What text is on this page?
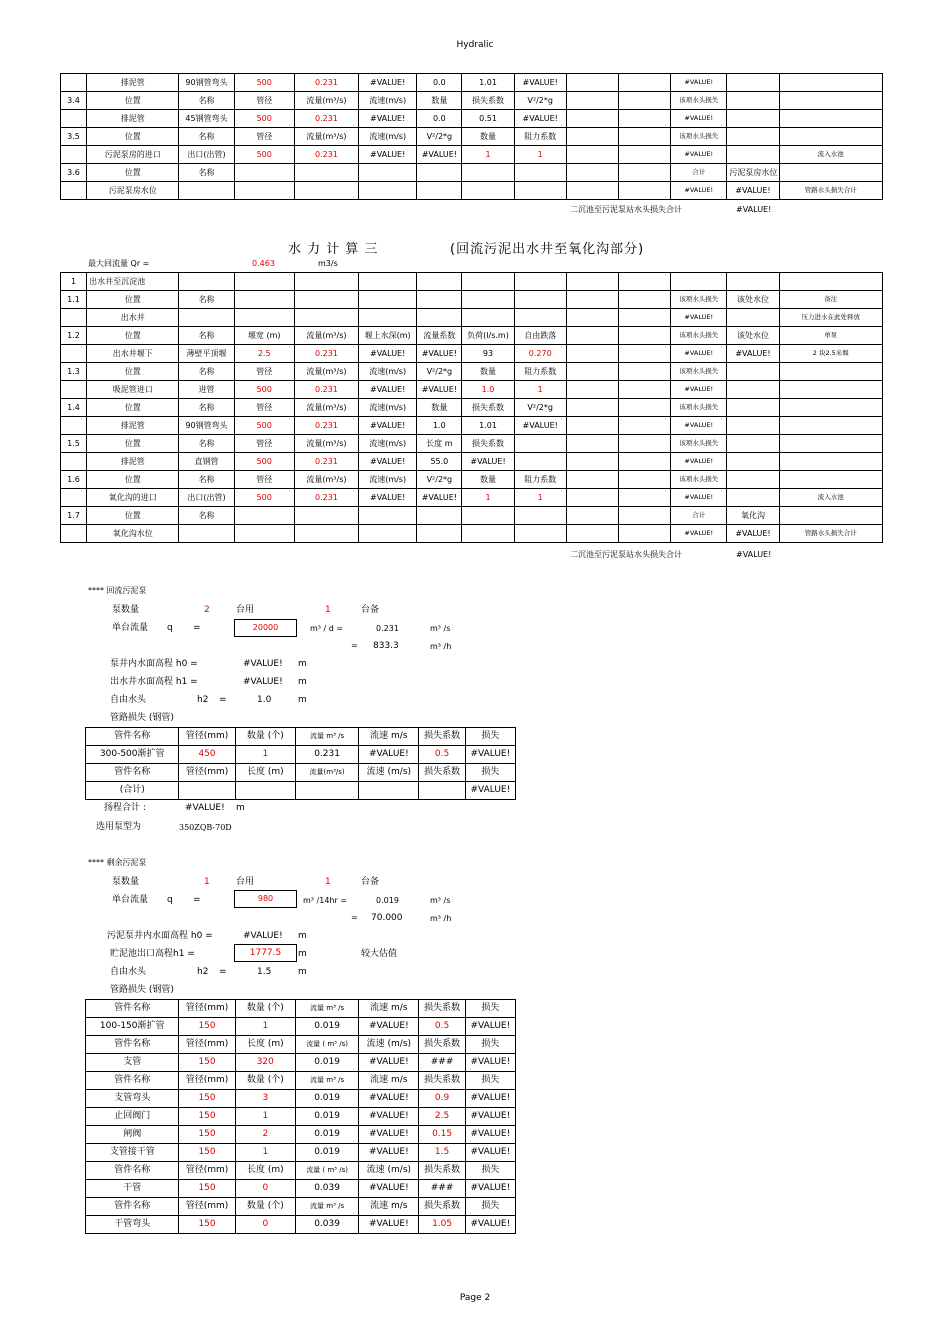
Hydralic
	排泥管	90钢管弯头	500	0.231	#VALUE!	0.0	1.01	#VALUE!			#VALUE!		
3.4	位置	名称	管径	流量(m³/s)	流速(m/s)	数量	损失系数	V²/2*g			该项水头损失		
	排泥管	45钢管弯头	500	0.231	#VALUE!	0.0	0.51	#VALUE!			#VALUE!		
3.5	位置	名称	管径	流量(m³/s)	流速(m/s)	V²/2*g	数量	阻力系数			该项水头损失		
	污泥泵房的进口	出口(出管)	500	0.231	#VALUE!	#VALUE!	1	1			#VALUE!		流入水池
3.6	位置	名称									合计	污泥泵房水位	
	污泥泵房水位										#VALUE!	#VALUE!	管路水头损失合计
二沉池至污泥泵站水头损失合计	#VALUE!
水 力 计 算 三	(回流污泥出水井至氧化沟部分)
最大回流量 Qr =	0.463	m3/s
1	出水井至沉淀池												
1.1	位置	名称									该项水头损失	该处水位	备注
	出水井										#VALUE!		压力进水在此处释放
1.2	位置	名称	堰宽 (m)	流量(m³/s)	堰上水深(m)	流量系数	负荷(l/s.m)	自由跌落			该项水头损失	该处水位	单泵
	出水井堰下	薄壁平顶堰	2.5	0.231	#VALUE!	#VALUE!	93	0.270			#VALUE!	#VALUE!	2 块2.5米堰
1.3	位置	名称	管径	流量(m³/s)	流速(m/s)	V²/2*g	数量	阻力系数			该项水头损失		
	吸泥管进口	进管	500	0.231	#VALUE!	#VALUE!	1.0	1			#VALUE!		
1.4	位置	名称	管径	流量(m³/s)	流速(m/s)	数量	损失系数	V²/2*g			该项水头损失		
	排泥管	90钢管弯头	500	0.231	#VALUE!	1.0	1.01	#VALUE!			#VALUE!		
1.5	位置	名称	管径	流量(m³/s)	流速(m/s)	长度 m	损失系数				该项水头损失		
	排泥管	直钢管	500	0.231	#VALUE!	55.0	#VALUE!				#VALUE!		
1.6	位置	名称	管径	流量(m³/s)	流速(m/s)	V²/2*g	数量	阻力系数			该项水头损失		
	氧化沟的进口	出口(出管)	500	0.231	#VALUE!	#VALUE!	1	1			#VALUE!		流入水池
1.7	位置	名称									合计	氧化沟	
	氧化沟水位										#VALUE!	#VALUE!	管路水头损失合计
二沉池至污泥泵站水头损失合计	#VALUE!
**** 回流污泥泵
泵数量	2	台用	1	台备
单台流量 q =	20000	m³ / d =	0.231	m³ /s
= 833.3	m³ /h
泵井内水面高程 h0 =	#VALUE! m
出水井水面高程 h1 =	#VALUE! m
自由水头	h2 =	1.0	m
管路损失 (钢管)
管件名称	管径(mm)	数量 (个)	流量 m³ /s	流速 m/s	损失系数	损失
300-500渐扩管	450	1	0.231	#VALUE!	0.5	#VALUE!
管件名称	管径(mm)	长度 (m)	流量(m³/s)	流速 (m/s)	损失系数	损失
(合计)						#VALUE!
扬程合计 :	#VALUE! m
选用泵型为	350ZQB-70D
**** 剩余污泥泵
泵数量	1	台用	1	台备
单台流量 q =	980	m³ /14hr =	0.019	m³ /s
= 70.000	m³ /h
污泥泵井内水面高程 h0 =	#VALUE! m
贮泥池出口高程h1 =	1777.5	m	较大估值
自由水头	h2 =	1.5	m
管路损失 (钢管)
管件名称	管径(mm)	数量 (个)	流量 m³ /s	流速 m/s	损失系数	损失
100-150渐扩管	150	1	0.019	#VALUE!	0.5	#VALUE!
管件名称	管径(mm)	长度 (m)	流量 ( m³ /s)	流速 (m/s)	损失系数	损失
支管	150	320	0.019	#VALUE!	###	#VALUE!
管件名称	管径(mm)	数量 (个)	流量 m³ /s	流速 m/s	损失系数	损失
支管弯头	150	3	0.019	#VALUE!	0.9	#VALUE!
止回阀门	150	1	0.019	#VALUE!	2.5	#VALUE!
闸阀	150	2	0.019	#VALUE!	0.15	#VALUE!
支管接干管	150	1	0.019	#VALUE!	1.5	#VALUE!
管件名称	管径(mm)	长度 (m)	流量 ( m³ /s)	流速 (m/s)	损失系数	损失
干管	150	0	0.039	#VALUE!	###	#VALUE!
管件名称	管径(mm)	数量 (个)	流量 m³ /s	流速 m/s	损失系数	损失
干管弯头	150	0	0.039	#VALUE!	1.05	#VALUE!
Page 2
